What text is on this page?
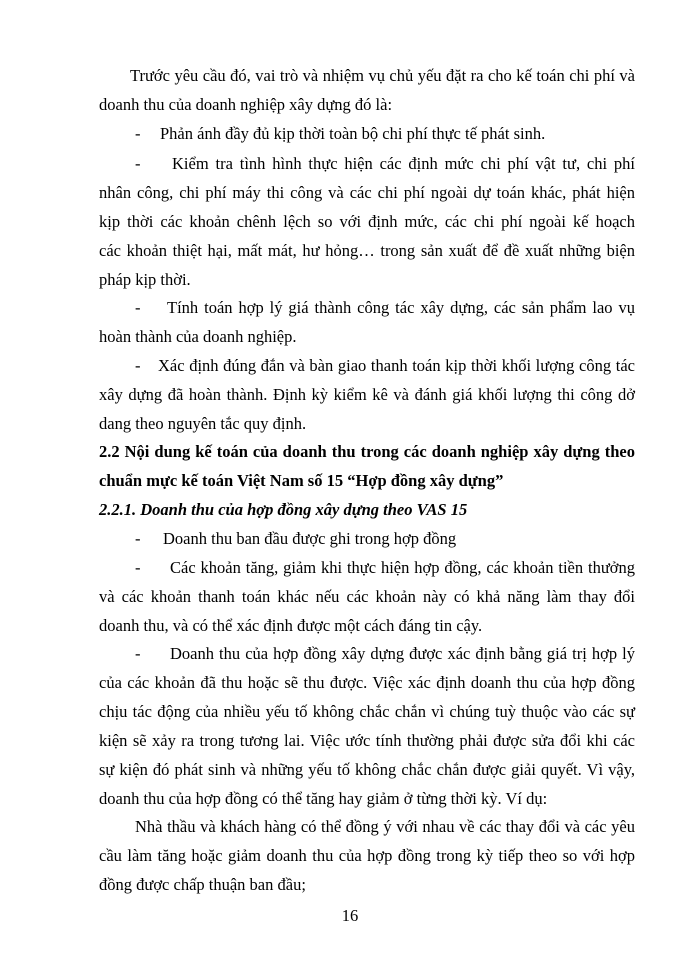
Trước yêu cầu đó, vai trò và nhiệm vụ chủ yếu đặt ra cho kế toán chi phí và
doanh thu của doanh nghiệp xây dựng đó là:
-	Phản ánh đầy đủ kịp thời toàn bộ chi phí thực tế phát sinh.
-	Kiểm tra tình hình thực hiện các định mức chi phí vật tư, chi phí
nhân công, chi phí máy thi công và các chi phí ngoài dự toán khác, phát hiện
kịp thời các khoản chênh lệch so với định mức, các chi phí ngoài kế hoạch
các khoản thiệt hại, mất mát, hư hỏng… trong sản xuất để đề xuất những biện
pháp kịp thời.
-	Tính toán hợp lý giá thành công tác xây dựng, các sản phẩm lao vụ
hoàn thành của doanh nghiệp.
-	Xác định đúng đắn và bàn giao thanh toán kịp thời khối lượng công tác
xây dựng đã hoàn thành. Định kỳ kiểm kê và đánh giá khối lượng thi công dở
dang theo nguyên tắc quy định.
2.2 Nội dung kế toán của doanh thu trong các doanh nghiệp xây dựng theo
chuẩn mực kế toán Việt Nam số 15 “Hợp đồng xây dựng”
2.2.1. Doanh thu của hợp đồng xây dựng theo VAS 15
-	Doanh thu ban đầu được ghi trong hợp đồng
-	Các khoản tăng, giảm khi thực hiện hợp đồng, các khoản tiền thưởng
và các khoản thanh toán khác nếu các khoản này có khả năng làm thay đổi
doanh thu, và có thể xác định được một cách đáng tin cậy.
-	Doanh thu của hợp đồng xây dựng được xác định bằng giá trị hợp lý
của các khoản đã thu hoặc sẽ thu được. Việc xác định doanh thu của hợp đồng
chịu tác động của nhiều yếu tố không chắc chắn vì chúng tuỳ thuộc vào các sự
kiện sẽ xảy ra trong tương lai. Việc ước tính thường phải được sửa đổi khi các
sự kiện đó phát sinh và những yếu tố không chắc chắn được giải quyết. Vì vậy,
doanh thu của hợp đồng có thể tăng hay giảm ở từng thời kỳ. Ví dụ:
Nhà thầu và khách hàng có thể đồng ý với nhau về các thay đổi và các yêu
cầu làm tăng hoặc giảm doanh thu của hợp đồng trong kỳ tiếp theo so với hợp
đồng được chấp thuận ban đầu;
16
